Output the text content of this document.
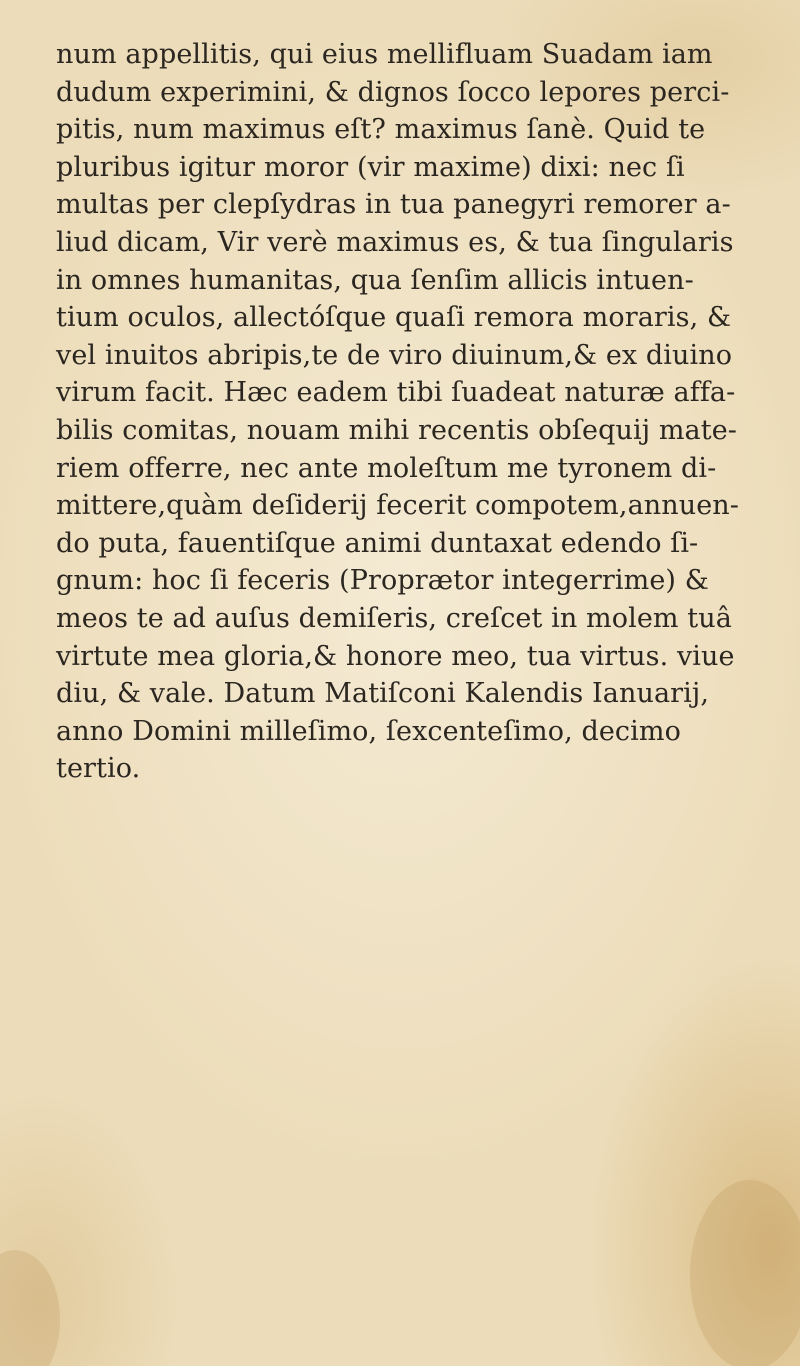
num appellitis, qui eius mellifluam Suadam iam
dudum experimini, & dignos ſocco lepores perci-
pitis, num maximus eſt? maximus ſanè. Quid te
pluribus igitur moror (vir maxime) dixi: nec ſi
multas per clepſydras in tua panegyri remorer a-
liud dicam, Vir verè maximus es, & tua ſingularis
in omnes humanitas, qua ſenſim allicis intuen-
tium oculos, allectóſque quaſi remora moraris, &
vel inuitos abripis,te de viro diuinum,& ex diuino
virum facit. Hæc eadem tibi ſuadeat naturæ affa-
bilis comitas, nouam mihi recentis obſequij mate-
riem offerre, nec ante moleſtum me tyronem di-
mittere,quàm deſiderij fecerit compotem,annuen-
do puta, fauentiſque animi duntaxat edendo ſi-
gnum: hoc ſi feceris (Proprætor integerrime) &
meos te ad auſus demiſeris, creſcet in molem tuâ
virtute mea gloria,& honore meo, tua virtus. viue
diu, & vale. Datum Matiſconi Kalendis Ianuarij,
anno Domini milleſimo, ſexcenteſimo, decimo
tertio.
